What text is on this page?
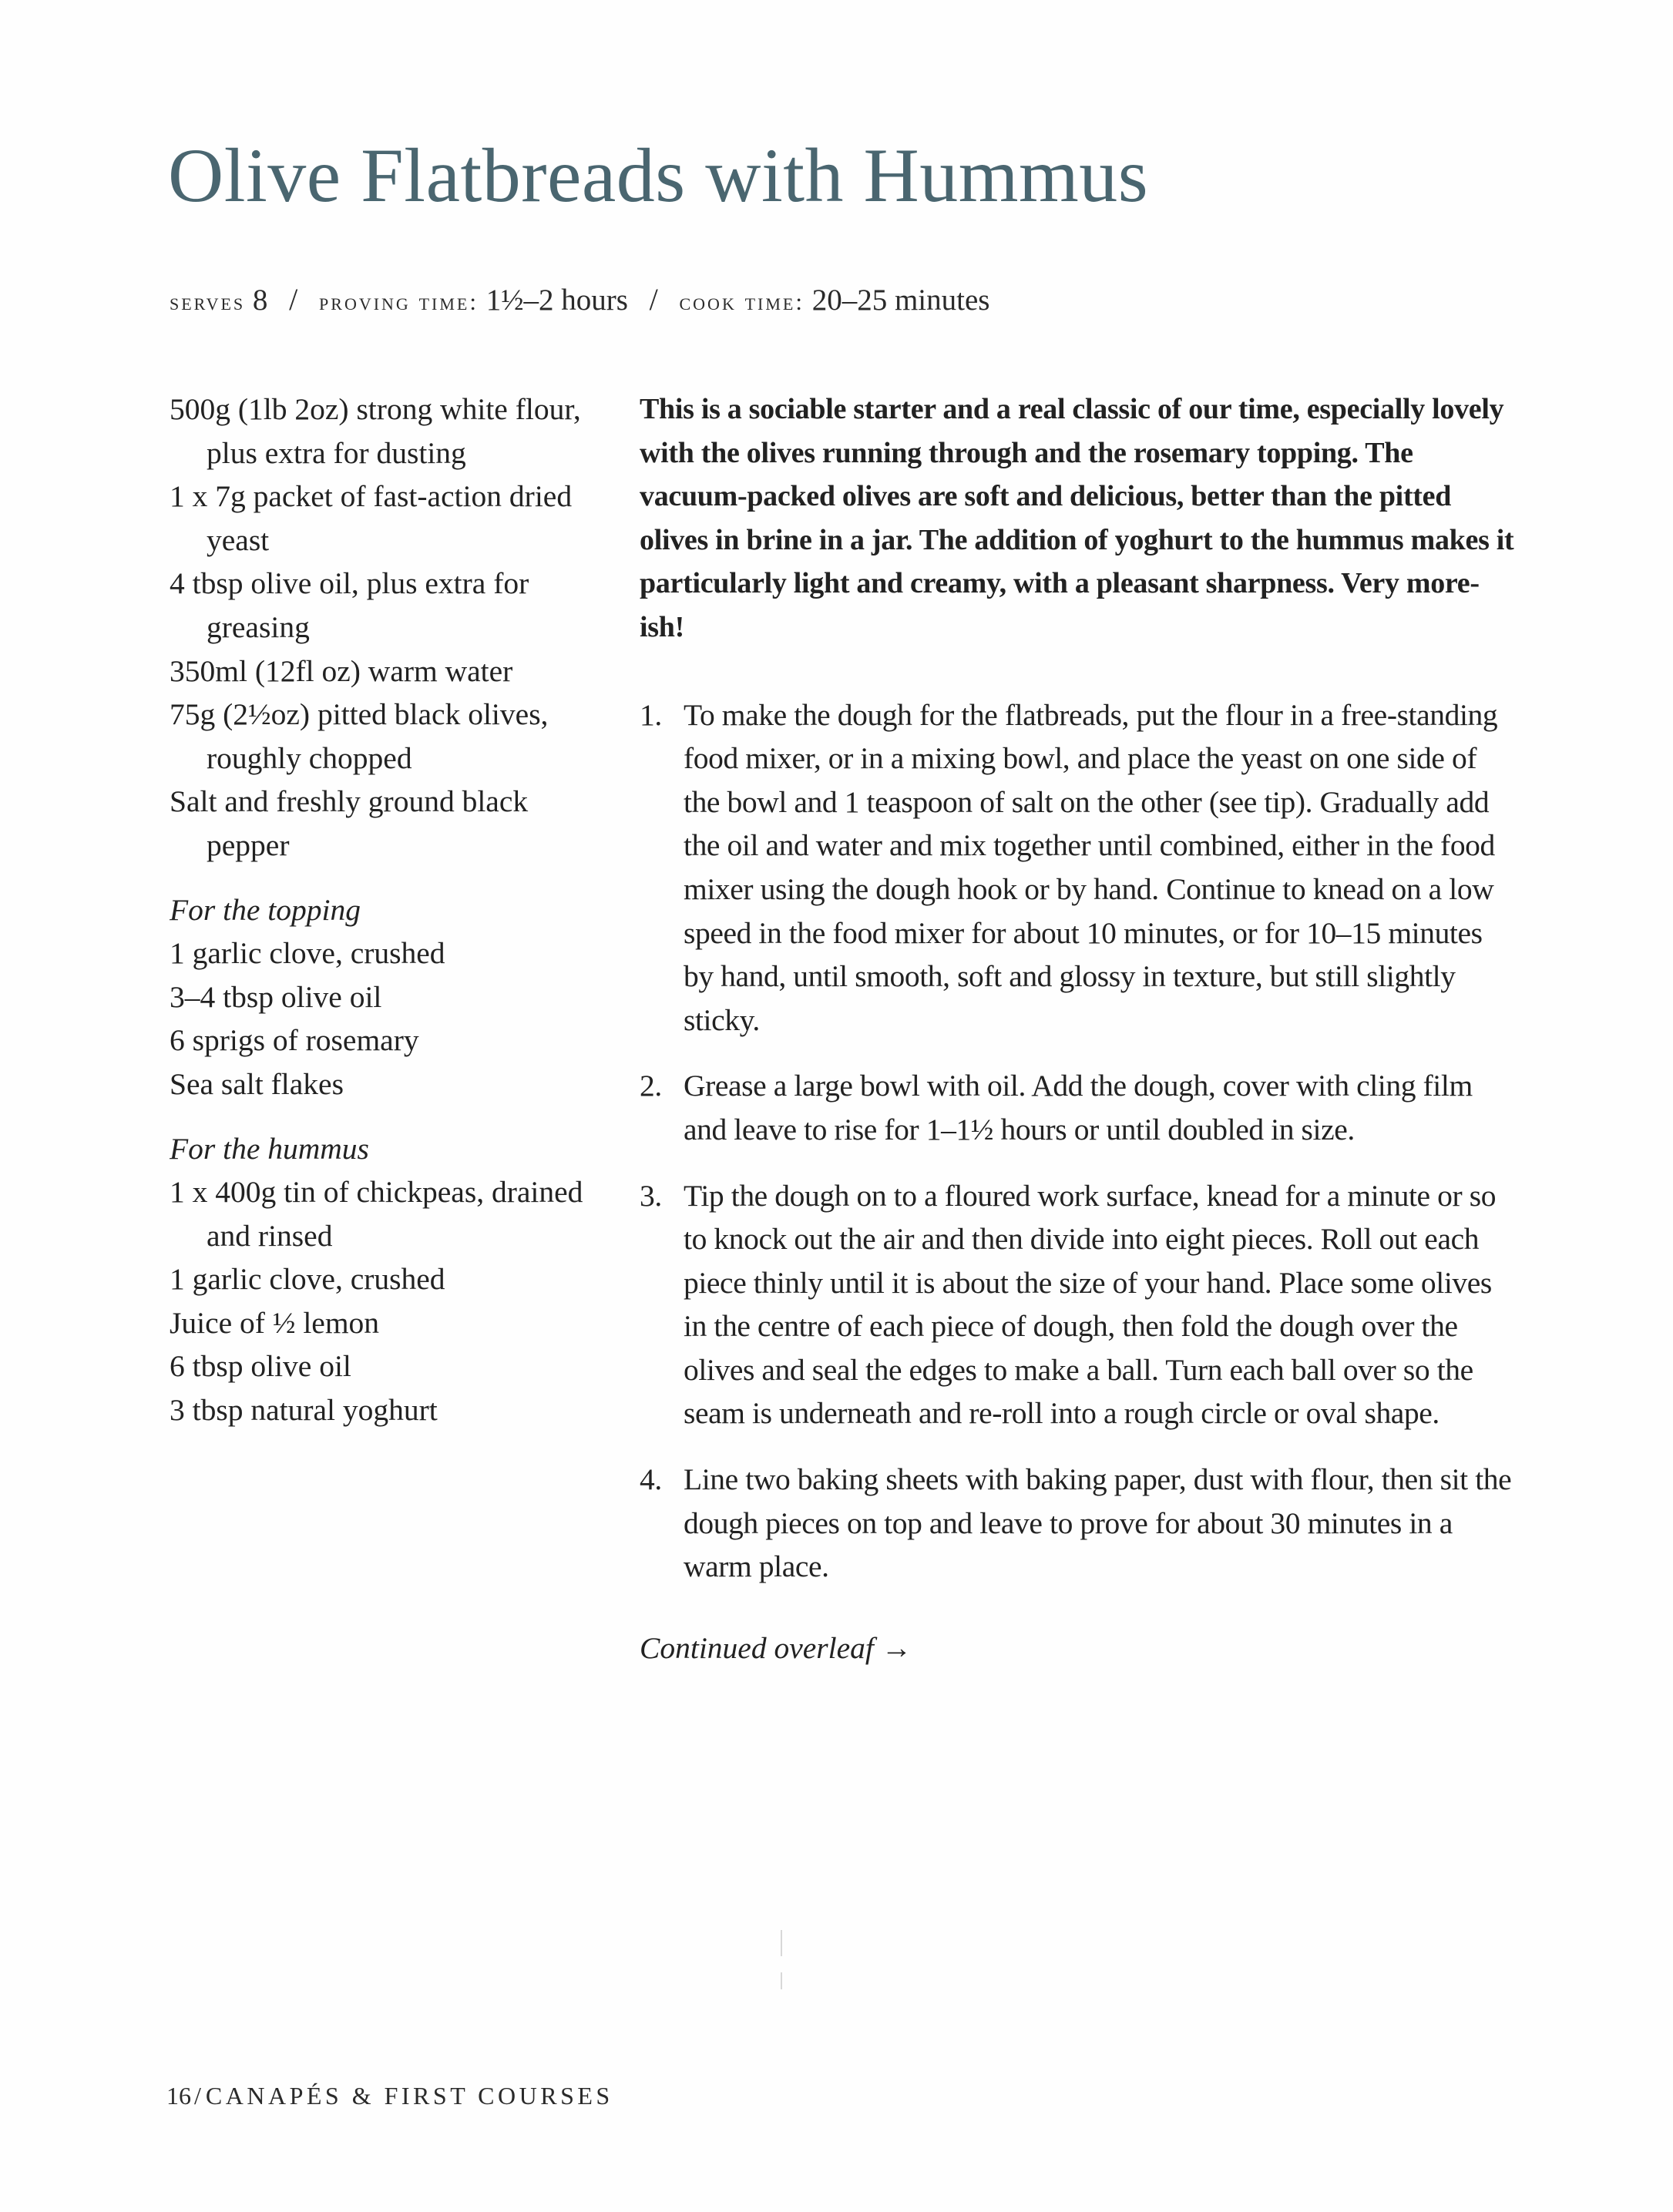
Olive Flatbreads with Hummus
serves 8 / proving time: 1½–2 hours / cook time: 20–25 minutes
500g (1lb 2oz) strong white flour, plus extra for dusting
1 x 7g packet of fast-action dried yeast
4 tbsp olive oil, plus extra for greasing
350ml (12fl oz) warm water
75g (2½oz) pitted black olives, roughly chopped
Salt and freshly ground black pepper
For the topping
1 garlic clove, crushed
3–4 tbsp olive oil
6 sprigs of rosemary
Sea salt flakes
For the hummus
1 x 400g tin of chickpeas, drained and rinsed
1 garlic clove, crushed
Juice of ½ lemon
6 tbsp olive oil
3 tbsp natural yoghurt

This is a sociable starter and a real classic of our time, especially lovely with the olives running through and the rosemary topping. The vacuum-packed olives are soft and delicious, better than the pitted olives in brine in a jar. The addition of yoghurt to the hummus makes it particularly light and creamy, with a pleasant sharpness. Very more-ish!

1. To make the dough for the flatbreads, put the flour in a free-standing food mixer, or in a mixing bowl, and place the yeast on one side of the bowl and 1 teaspoon of salt on the other (see tip). Gradually add the oil and water and mix together until combined, either in the food mixer using the dough hook or by hand. Continue to knead on a low speed in the food mixer for about 10 minutes, or for 10–15 minutes by hand, until smooth, soft and glossy in texture, but still slightly sticky.
2. Grease a large bowl with oil. Add the dough, cover with cling film and leave to rise for 1–1½ hours or until doubled in size.
3. Tip the dough on to a floured work surface, knead for a minute or so to knock out the air and then divide into eight pieces. Roll out each piece thinly until it is about the size of your hand. Place some olives in the centre of each piece of dough, then fold the dough over the olives and seal the edges to make a ball. Turn each ball over so the seam is underneath and re-roll into a rough circle or oval shape.
4. Line two baking sheets with baking paper, dust with flour, then sit the dough pieces on top and leave to prove for about 30 minutes in a warm place.
Continued overleaf →
16 / CANAPÉS & FIRST COURSES
